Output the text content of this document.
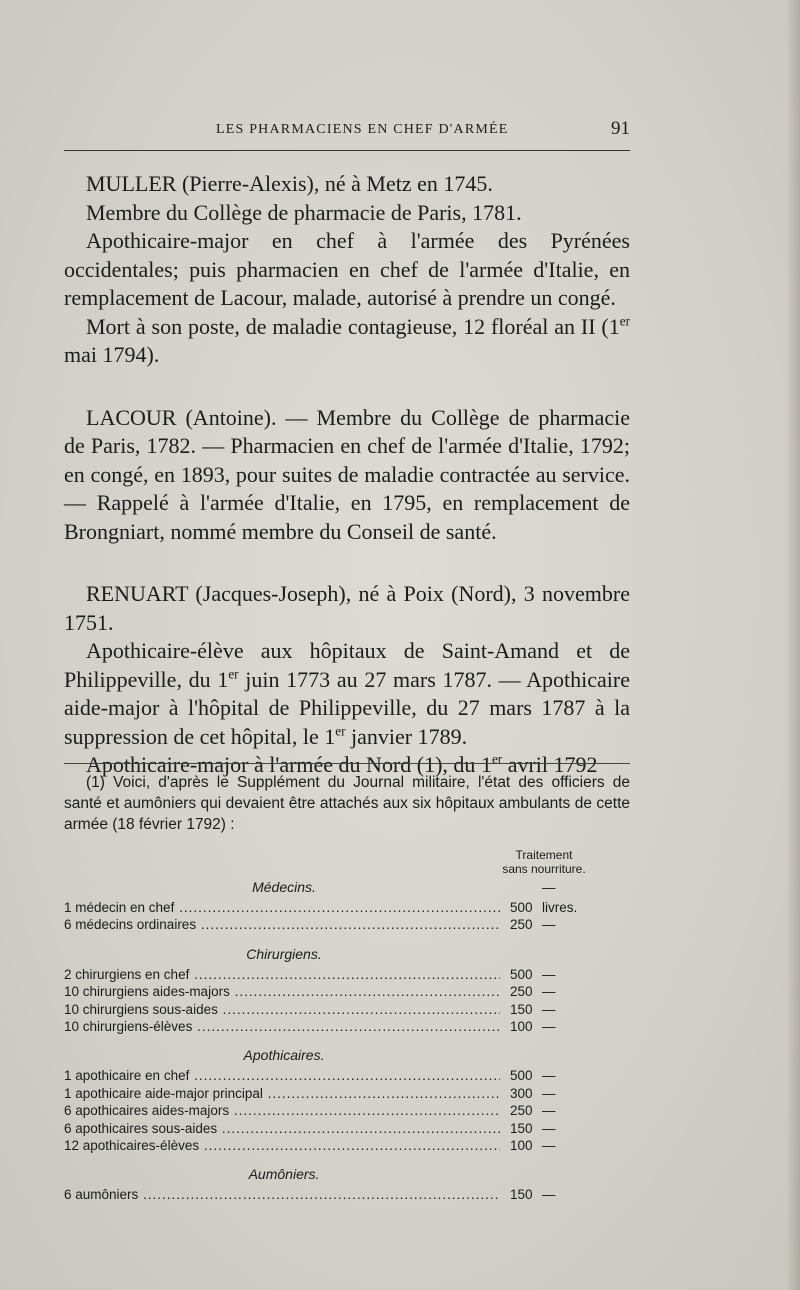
LES PHARMACIENS EN CHEF D'ARMÉE	91

MULLER (Pierre-Alexis), né à Metz en 1745.

Membre du Collège de pharmacie de Paris, 1781.

Apothicaire-major en chef à l'armée des Pyrénées occidentales; puis pharmacien en chef de l'armée d'Italie, en remplacement de Lacour, malade, autorisé à prendre un congé.

Mort à son poste, de maladie contagieuse, 12 floréal an II (1er mai 1794).

LACOUR (Antoine). — Membre du Collège de pharmacie de Paris, 1782. — Pharmacien en chef de l'armée d'Italie, 1792; en congé, en 1893, pour suites de maladie contractée au service. — Rappelé à l'armée d'Italie, en 1795, en remplacement de Brongniart, nommé membre du Conseil de santé.

RENUART (Jacques-Joseph), né à Poix (Nord), 3 novembre 1751.

Apothicaire-élève aux hôpitaux de Saint-Amand et de Philippeville, du 1er juin 1773 au 27 mars 1787. — Apothicaire aide-major à l'hôpital de Philippeville, du 27 mars 1787 à la suppression de cet hôpital, le 1er janvier 1789.

Apothicaire-major à l'armée du Nord (1), du 1er avril 1792

(1) Voici, d'après le Supplément du Journal militaire, l'état des officiers de santé et aumôniers qui devaient être attachés aux six hôpitaux ambulants de cette armée (18 février 1792) :

Traitement
sans nourriture.
Médecins.	—
1 médecin en chef .....	500 livres.
6 médecins ordinaires .....	250 —
Chirurgiens.
2 chirurgiens en chef .....	500 —
10 chirurgiens aides-majors .....	250 —
10 chirurgiens sous-aides .....	150 —
10 chirurgiens-élèves .....	100 —
Apothicaires.
1 apothicaire en chef .....	500 —
1 apothicaire aide-major principal .....	300 —
6 apothicaires aides-majors .....	250 —
6 apothicaires sous-aides .....	150 —
12 apothicaires-élèves .....	100 —
Aumôniers.
6 aumôniers .....	150 —
